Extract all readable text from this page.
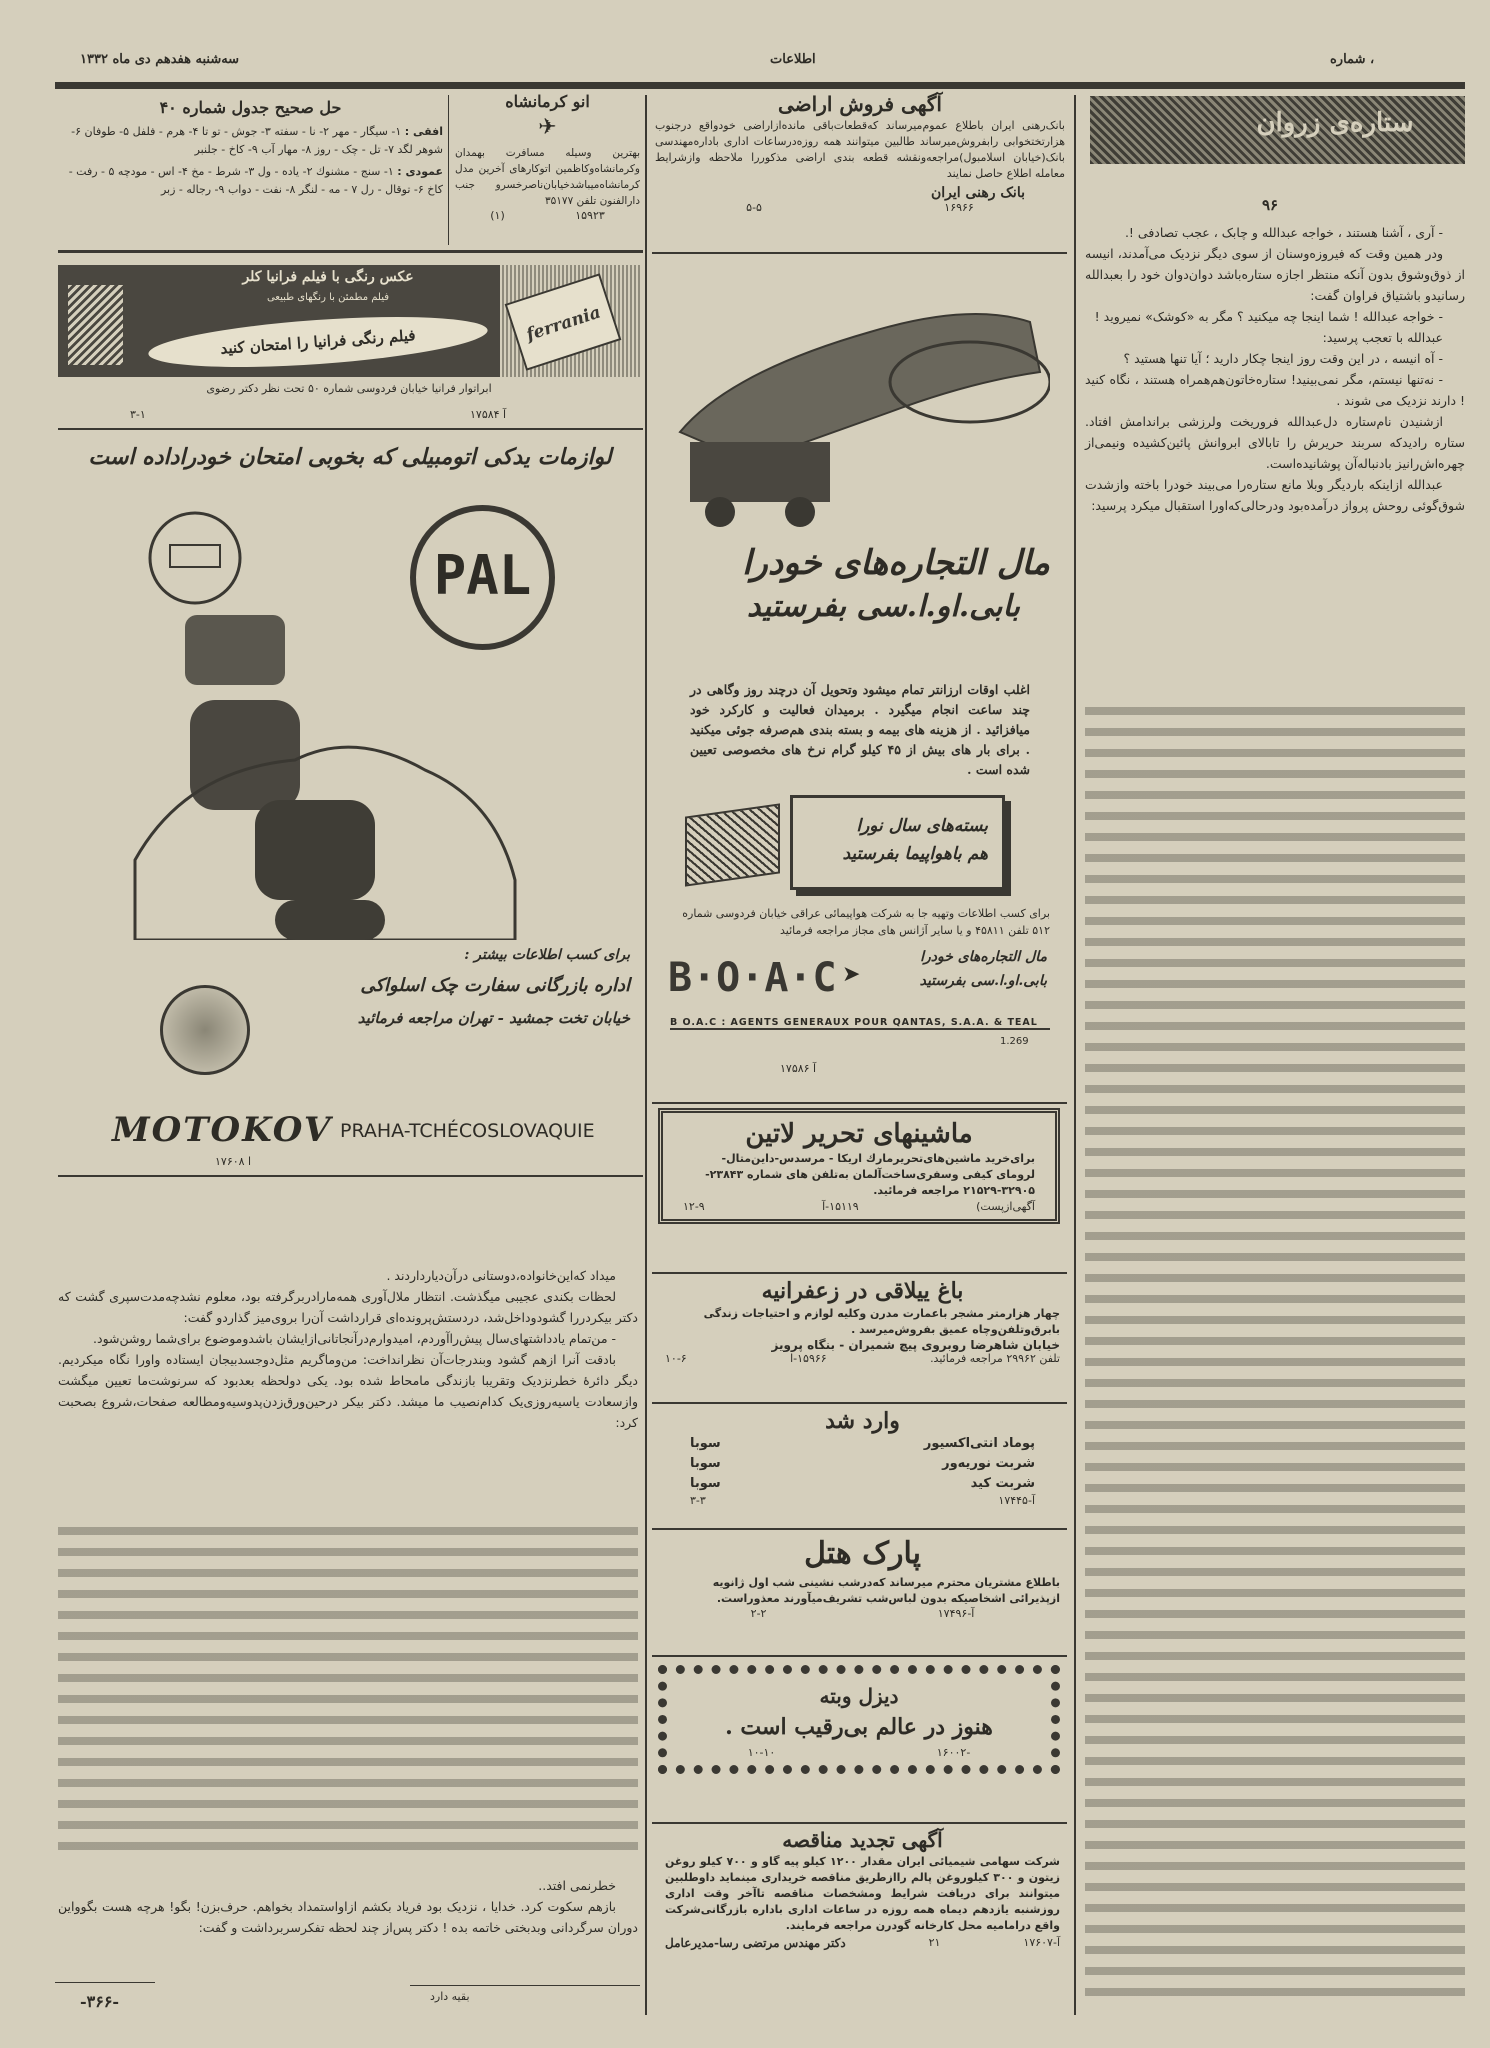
سه‌شنبه هفدهم دی ماه ۱۳۳۲	اطلاعات	شماره ،
ستاره‌ی زروان
۹۶

- آری ، آشنا هستند ، خواجه عبدالله و چابک ، عجب تصادفی !.

ودر همین وقت که فیروزه‌وسنان از سوی دیگر نزدیک می‌آمدند، انیسه از ذوق‌وشوق بدون آنکه منتظر اجازه ستاره‌باشد دوان‌دوان خود را بعبدالله رسانیدو باشتیاق فراوان گفت:

- خواجه عبدالله ! شما اینجا چه میکنید ؟ مگر به «کوشک» نمیروید !

عبدالله با تعجب پرسید:

- آه انیسه ، در این وقت روز اینجا چکار دارید ؛ آیا تنها هستید ؟

- نه‌تنها نیستم، مگر نمی‌بینید! ستاره‌خاتون‌هم‌همراه هستند ، نگاه کنید ! دارند نزدیک می شوند .

ازشنیدن نام‌ستاره دل‌عبدالله فروریخت ولرزشی براندامش افتاد. ستاره رادیدکه سربند حریرش را تابالای ابروانش پائین‌کشیده ونیمی‌از چهره‌اش‌رانیز بادنباله‌آن پوشانیده‌است.

عبدالله ازاینکه باردیگر وبلا مانع ستاره‌را می‌بیند خودرا باخته وازشدت شوق‌گوئی روحش پرواز درآمده‌بود ودرحالی‌که‌اورا استقبال میکرد پرسید:

آگهی فروش اراضی
بانک‌رهنی ایران باطلاع عموم‌میرساند که‌قطعات‌باقی مانده‌ازاراضی خودواقع درجنوب هزارتختخوابی رابفروش‌میرساند طالبین میتوانند همه روزه‌درساعات اداری باداره‌مهندسی بانک(خیابان اسلامبول)مراجعه‌ونقشه قطعه بندی اراضی مذکوررا ملاحظه وازشرایط معامله اطلاع حاصل نمایند
بانک رهنی ایران
۱۶۹۶۶
۵-۵
انو کرمانشاه
✈
بهترین وسیله مسافرت بهمدان وکرمانشاه‌وکاظمین اتوکارهای آخرین مدل کرمانشاه‌میباشد‌خیابان‌ناصرخسرو جنب دارالفنون تلفن ۳۵۱۷۷
۱۵۹۲۳
(۱)
حل صحیح جدول شماره ۴۰
افقی : ۱- سیگار - مهر ۲- نا - سفته ۳- جوش - تو تا ۴- هرم - فلفل ۵- طوفان ۶- شوهر لگد ۷- تل - چک - روز ۸- مهار آب ۹- کاخ - جلنبر
عمودی : ۱- سنج - مشنوك ۲- یاده - ول ۳- شرط - مخ ۴- اس - مودچه ۵ - رفت - کاخ ۶- توقال - رل ۷ - مه - لنگر ۸- نفت - دواب ۹- رجاله - زبر
عکس رنگی با فیلم فرانیا کلر
فیلم مطمئن با رنگهای طبیعی
فیلم رنگی فرانیا را امتحان کنید	ferrania
ابراتوار فرانیا خیابان فردوسی شماره ۵۰ تحت نظر دکتر رضوی
۱۷۵۸۴ آ
۳-۱
لوازمات یدکی اتومبیلی که بخوبی امتحان خودراداده است
PAL
برای کسب اطلاعات بیشتر :
اداره بازرگانی سفارت چک اسلواکی
خیابان تخت جمشید - تهران مراجعه فرمائید
MOTOKOV PRAHA-TCHÉCOSLOVAQUIE
۱۷۶۰۸ ا

میداد که‌این‌خانواده،دوستانی درآن‌دیارداردند .

لحظات بکندی عجیبی میگذشت. انتظار ملال‌آوری همه‌مارادربرگرفته بود، معلوم نشدچه‌مدت‌سپری گشت که دکتر بیکردررا گشودوداخل‌شد، دردستش‌پرونده‌ای قرارداشت آن‌را بروی‌میز گذاردو گفت:

- من‌تمام یادداشتهای‌سال پیش‌راآوردم، امیدوارم‌درآنجاتانی‌ازایشان باشدوموضوع برای‌شما روشن‌شود.

بادقت آنرا ازهم گشود وبندرجات‌آن نظرانداخت: من‌وماگریم مثل‌دوجسدبیجان ایستاده واورا نگاه میکردیم. دیگر دائرهٔ خطرنزدیک وتقریبا بازندگی مامحاط شده بود. یکی دولحظه بعدبود که سرنوشت‌ما تعیین میگشت وازسعادت یاسیه‌روزی‌یک کدام‌نصیب ما میشد. دکتر بیکر درحین‌ورق‌زدن‌پدوسیه‌ومطالعه صفحات،شروع بصحبت کرد:

خطرنمی افتد..

بازهم سکوت کرد. خدایا ، نزدیک بود فریاد بکشم ازاواستمداد بخواهم. حرف‌بزن! بگو! هرچه هست بگوواین دوران سرگردانی وبدبختی خاتمه بده ! دکتر پس‌از چند لحظه تفکرسربرداشت و گفت:

بقیه دارد
-۳۶۶-
مال التجاره‌های خودرا
بابی.او.ا.سی بفرستید
اغلب اوقات ارزانتر تمام میشود وتحویل آن درچند روز وگاهی در چند ساعت انجام میگیرد . برمیدان فعالیت و کارکرد خود میافزائید . از هزینه های بیمه و بسته بندی هم‌صرفه جوئی میکنید . برای بار های بیش از ۴۵ کیلو گرام نرخ های مخصوصی تعیین شده است .
بسته‌های سال نورا
هم باهواپیما بفرستید
برای کسب اطلاعات وتهیه جا به شرکت هواپیمائی عراقی خیابان فردوسی شماره ۵۱۲ تلفن ۴۵۸۱۱ و یا سایر آژانس های مجاز مراجعه فرمائید
B·O·A·C ➤
مال التجاره‌های خودرا
بابی.او.ا.سی بفرستید
B O.A.C : AGENTS GENERAUX POUR QANTAS, S.A.A. & TEAL
1.269
۱۷۵۸۶ آ
ماشینهای تحریر لاتین
برای‌خرید ماشین‌های‌تحریرمارك اریکا - مرسدس-داین‌متال- لرومای کیفی وسفری‌ساخت‌آلمان به‌تلفن های شماره ۲۳۸۴۳- ۳۲۹۰۵-۲۱۵۲۹ مراجعه فرمائید.
آگهی‌ازپست)
۱۵۱۱۹-آ
۱۲-۹
باغ ییلاقی در زعفرانیه
چهار هزارمتر مشجر باعمارت مدرن وکلیه لوازم و احتیاجات زندگی بابرق‌وتلفن‌وچاه عمیق بفروش‌میرسد .
خیابان شاهرضا روبروی پیچ شمیران - بنگاه پرویز
تلفن ۲۹۹۶۲ مراجعه فرمائید.
۱۵۹۶۶-ا
۱۰-۶
وارد شد
پوماد انتی‌اکسیور
سوبا
شربت نوریه‌ور
سوبا
شربت کید
سوبا
آ-۱۷۴۴۵
۳-۳
پارک هتل
باطلاع مشتریان محترم میرساند که‌درشب نشینی شب اول ژانویه ازپذیرائی اشخاصیکه بدون لباس‌شب تشریف‌میآورند معذوراست.
آ-۱۷۴۹۶
۲-۲
دیزل وبته
هنوز در عالم بی‌رقیب است .
-۱۶۰۰۲
۱۰-۱۰
آگهی تجدید مناقصه
شرکت سهامی شیمیائی ایران مقدار ۱۲۰۰ کیلو پیه گاو و ۷۰۰ کیلو روغن زیتون و ۳۰۰ کیلوروغن پالم راازطریق مناقصه خریداری مینماید داوطلبین میتوانند برای دریافت شرایط ومشخصات مناقصه تاآخر وقت اداری روزشنبه یازدهم دیماه همه روزه در ساعات اداری باداره بازرگانی‌شرکت واقع درامامیه محل کارخانه گودرن مراجعه فرمایند.
آ-۱۷۶۰۷
۲۱
دکتر مهندس مرتضی رسا-مدیرعامل
